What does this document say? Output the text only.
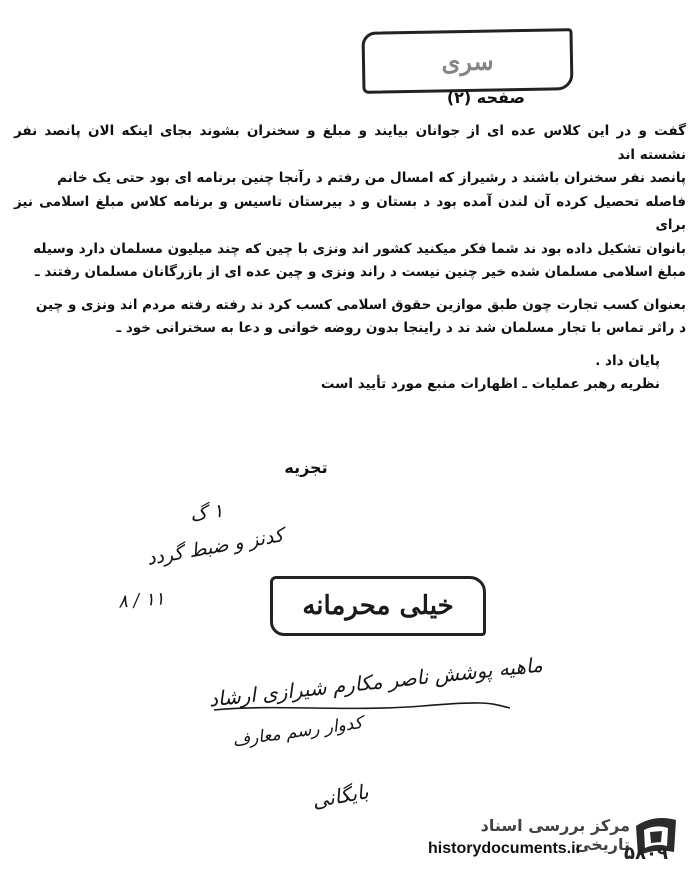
سری
صفحه (٢)

گفت و در این کلاس عده ای از جوانان بیایند و مبلغ و سخنران بشوند بجای اینکه الان پانصد نفر نشسته اند

پانصد نفر سخنران باشند د رشیراز که امسال من رفتم د رآنجا چنین برنامه ای بود حتی یک خانم

فاصله تحصیل کرده آن لندن آمده بود د بستان و د بیرستان تاسیس و برنامه کلاس مبلغ اسلامی نیز برای

بانوان تشکیل داده بود ند شما فکر میکنید کشور اند ونزی با چین که چند میلیون مسلمان دارد وسیله

مبلغ اسلامی مسلمان شده خیر چنین نیست د راند ونزی و چین عده ای از بازرگانان مسلمان رفتند ـ

بعنوان کسب تجارت چون طبق موازین حقوق اسلامی کسب کرد ند رفته رفته مردم اند ونزی و چین

د راثر تماس با تجار مسلمان شد ند د راینجا بدون روضه خوانی و دعا به سخنرانی خود ـ

پایان داد .

نظریه رهبر عملیات ـ اظهارات منبع مورد تأیید است

تجزیه
۱ گ
کدنز و ضبط گردد
۱۱ / ۸	خیلی محرمانه
ماهیه پوشش ناصر مکارم شیرازی ارشاد
کدوار رسم معارف
بایگانی
مرکز بررسی اسناد تاریخی
historydocuments.ir	۵۸۰۹
